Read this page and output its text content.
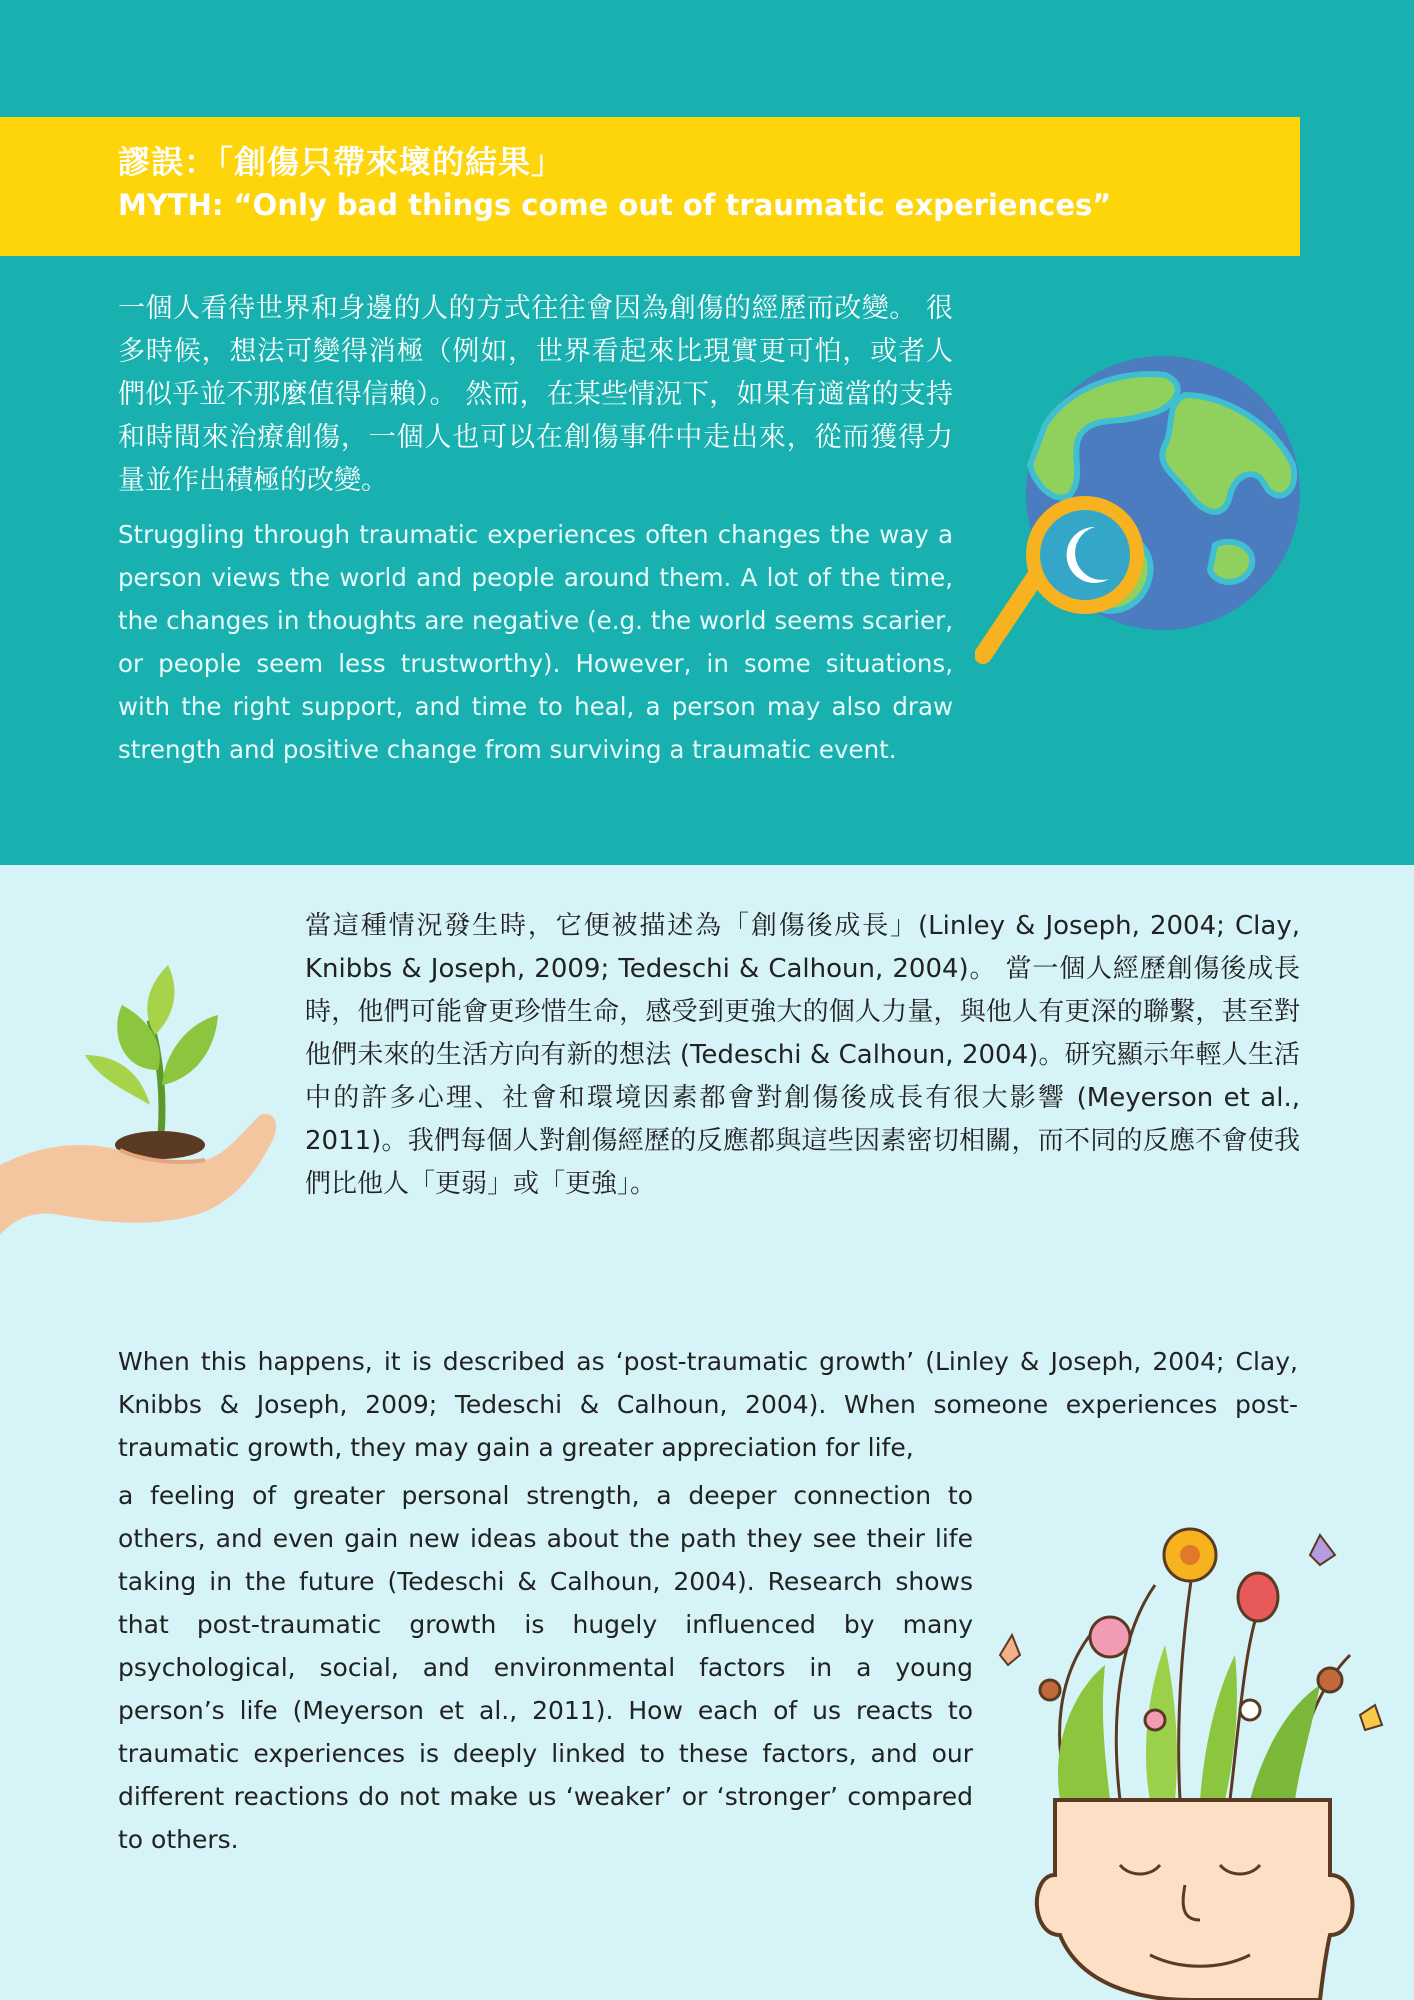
謬誤：「創傷只帶來壞的結果」
MYTH: “Only bad things come out of traumatic experiences”

一個人看待世界和身邊的人的方式往往會因為創傷的經歷而改變。 很多時候，想法可變得消極（例如，世界看起來比現實更可怕，或者人們似乎並不那麼值得信賴）。 然而，在某些情況下，如果有適當的支持和時間來治療創傷，一個人也可以在創傷事件中走出來，從而獲得力量並作出積極的改變。

Struggling through traumatic experiences often changes the way a person views the world and people around them. A lot of the time, the changes in thoughts are negative (e.g. the world seems scarier, or people seem less trustworthy). However, in some situations, with the right support, and time to heal, a person may also draw strength and positive change from surviving a traumatic event.

當這種情況發生時，它便被描述為「創傷後成長」(Linley & Joseph, 2004; Clay, Knibbs & Joseph, 2009; Tedeschi & Calhoun, 2004)。 當一個人經歷創傷後成長時，他們可能會更珍惜生命，感受到更強大的個人力量，與他人有更深的聯繫，甚至對他們未來的生活方向有新的想法 (Tedeschi & Calhoun, 2004)。研究顯示年輕人生活中的許多心理、社會和環境因素都會對創傷後成長有很大影響 (Meyerson et al., 2011)。我們每個人對創傷經歷的反應都與這些因素密切相關，而不同的反應不會使我們比他人「更弱」或「更強」。

When this happens, it is described as ‘post-traumatic growth’ (Linley & Joseph, 2004; Clay, Knibbs & Joseph, 2009; Tedeschi & Calhoun, 2004). When someone experiences post-traumatic growth, they may gain a greater appreciation for life,

a feeling of greater personal strength, a deeper connection to others, and even gain new ideas about the path they see their life taking in the future (Tedeschi & Calhoun, 2004). Research shows that post-traumatic growth is hugely influenced by many psychological, social, and environmental factors in a young person’s life (Meyerson et al., 2011). How each of us reacts to traumatic experiences is deeply linked to these factors, and our different reactions do not make us ‘weaker’ or ‘stronger’ compared to others.
